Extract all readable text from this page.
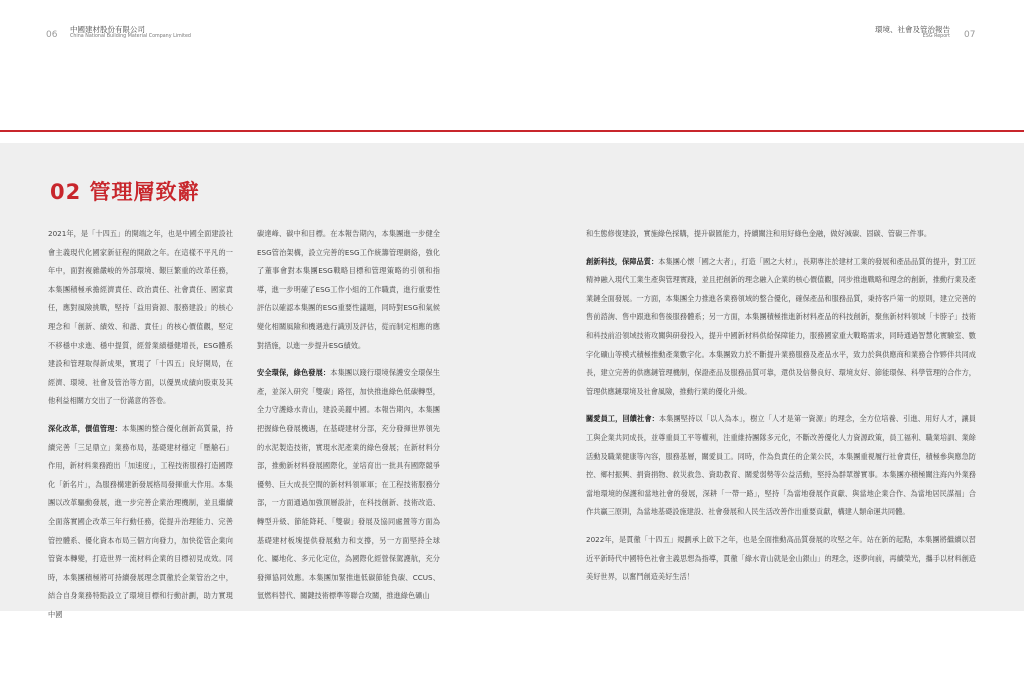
06
中國建材股份有限公司
China National Building Material Company Limited
環境、社會及管治報告
ESG Report 07
02 管理層致辭

2021年，是「十四五」的開端之年，也是中國全面建設社會主義現代化國家新征程的開啟之年。在這樣不平凡的一年中，面對複雜嚴峻的外部環境、艱巨繁重的改革任務，本集團積極承擔經濟責任、政治責任、社會責任、國家責任，應對風險挑戰，堅持「益用資源、服務建設」的核心理念和「創新、績效、和諧、責任」的核心價值觀，堅定不移穩中求進、穩中提質，經營業績穩健增長，ESG體系建設和管理取得新成果，實現了「十四五」良好開局，在經濟、環境、社會及管治等方面，以優異成績向股東及其他利益相關方交出了一份滿意的答卷。

深化改革，價值管理：本集團的整合優化創新高質量，持續完善「三足鼎立」業務布局，基礎建材穩定「壓艙石」作用，新材料業務跑出「加速度」，工程技術服務打造國際化「新名片」，為服務構建新發展格局發揮重大作用。本集團以改革驅動發展，進一步完善企業治理機制，並且繼續全面落實國企改革三年行動任務，從提升治理能力、完善管控體系、優化資本布局三個方向發力，加快從管企業向管資本轉變，打造世界一流材料企業的目標初見成效。同時，本集團積極將可持續發展理念貫徹於企業管治之中，結合自身業務特點設立了環境目標和行動計劃，助力實現中國

碳達峰、碳中和目標。在本報告期內，本集團進一步健全ESG管治架構，設立完善的ESG工作統籌管理網絡，強化了董事會對本集團ESG戰略目標和管理策略的引領和指導，進一步明確了ESG工作小組的工作職責，進行重要性評估以確認本集團的ESG重要性議題，同時對ESG和氣候變化相關風險和機遇進行識別及評估，從而制定相應的應對措施，以進一步提升ESG績效。

安全環保，綠色發展：本集團以踐行環境保護安全環保生產，並深入研究「雙碳」路徑，加快推進綠色低碳轉型，全力守護綠水青山，建設美麗中國。本報告期內，本集團把握綠色發展機遇，在基礎建材分部，充分發揮世界領先的水泥製造技術，實現水泥產業的綠色發展；在新材料分部，推動新材料發展國際化，並培育出一批具有國際競爭優勢、巨大成長空間的新材料領軍軍；在工程技術服務分部，一方面通過加強頂層設計，在科技創新、技術改造、轉型升級、節能降耗、「雙碳」發展及協同處置等方面為基礎建材板塊提供發展動力和支撐，另一方面堅持全球化、屬地化、多元化定位，為國際化經營保駕護航，充分發揮協同效應。本集團加緊推進低碳節能負碳、CCUS、氫燃料替代、關鍵技術標準等聯合攻關，推進綠色礦山

和生態修復建設，實施綠色採購，提升碳匯能力，持續關注和用好綠色金融，做好減碳、固碳、管碳三件事。

創新科技，保障品質：本集團心懷「國之大者」，打造「國之大材」，長期專注於建材工業的發展和產品品質的提升，對工匠精神融入現代工業生產與管理實踐，並且把創新的理念融入企業的核心價值觀，同步推進戰略和理念的創新，推動行業及產業鏈全面發展。一方面，本集團全力推進各業務領域的整合優化，確保產品和服務品質，秉持客戶第一的原則，建立完善的售前諮詢、售中跟進和售後服務體系；另一方面，本集團積極推進新材料產品的科技創新，聚焦新材料領域「卡脖子」技術和科技前沿領域技術攻關與研發投入，提升中國新材料供給保障能力，服務國家重大戰略需求，同時通過智慧化實驗室、數字化礦山等模式積極推動產業數字化。本集團致力於不斷提升業務服務及產品水平，致力於與供應商和業務合作夥伴共同成長，建立完善的供應鏈管理機制，保證產品及服務品質可靠，還供及信譽良好、環境友好、節能環保、科學管理的合作方，管理供應鏈環境及社會風險，推動行業的優化升級。

關愛員工，回饋社會：本集團堅持以「以人為本」，樹立「人才是第一資源」的理念，全方位培養、引進、用好人才，讓員工與企業共同成長，並尊重員工平等權利，注重維持團隊多元化，不斷改善優化人力資源政策，員工福利、職業培訓、業餘活動及職業健康等內容，服務基層，關愛員工。同時，作為負責任的企業公民，本集團重視履行社會責任，積極參與應急防控、鄉村振興、捐資捐物、救災救急、資助教育、關愛弱勢等公益活動，堅持為群眾辦實事。本集團亦積極關注海內外業務當地環境的保護和當地社會的發展，深耕「一帶一路」，堅持「為當地發展作貢獻、與當地企業合作、為當地居民謀福」合作共贏三原則，為當地基礎設施建設、社會發展和人民生活改善作出重要貢獻，構建人類命運共同體。

2022年，是貫徹「十四五」規劃承上啟下之年，也是全面推動高品質發展的攻堅之年。站在新的起點，本集團將繼續以習近平新時代中國特色社會主義思想為指導，貫徹「綠水青山就是金山銀山」的理念，逐夢向前，再續榮光，攜手以材料創造美好世界，以奮鬥創造美好生活！
